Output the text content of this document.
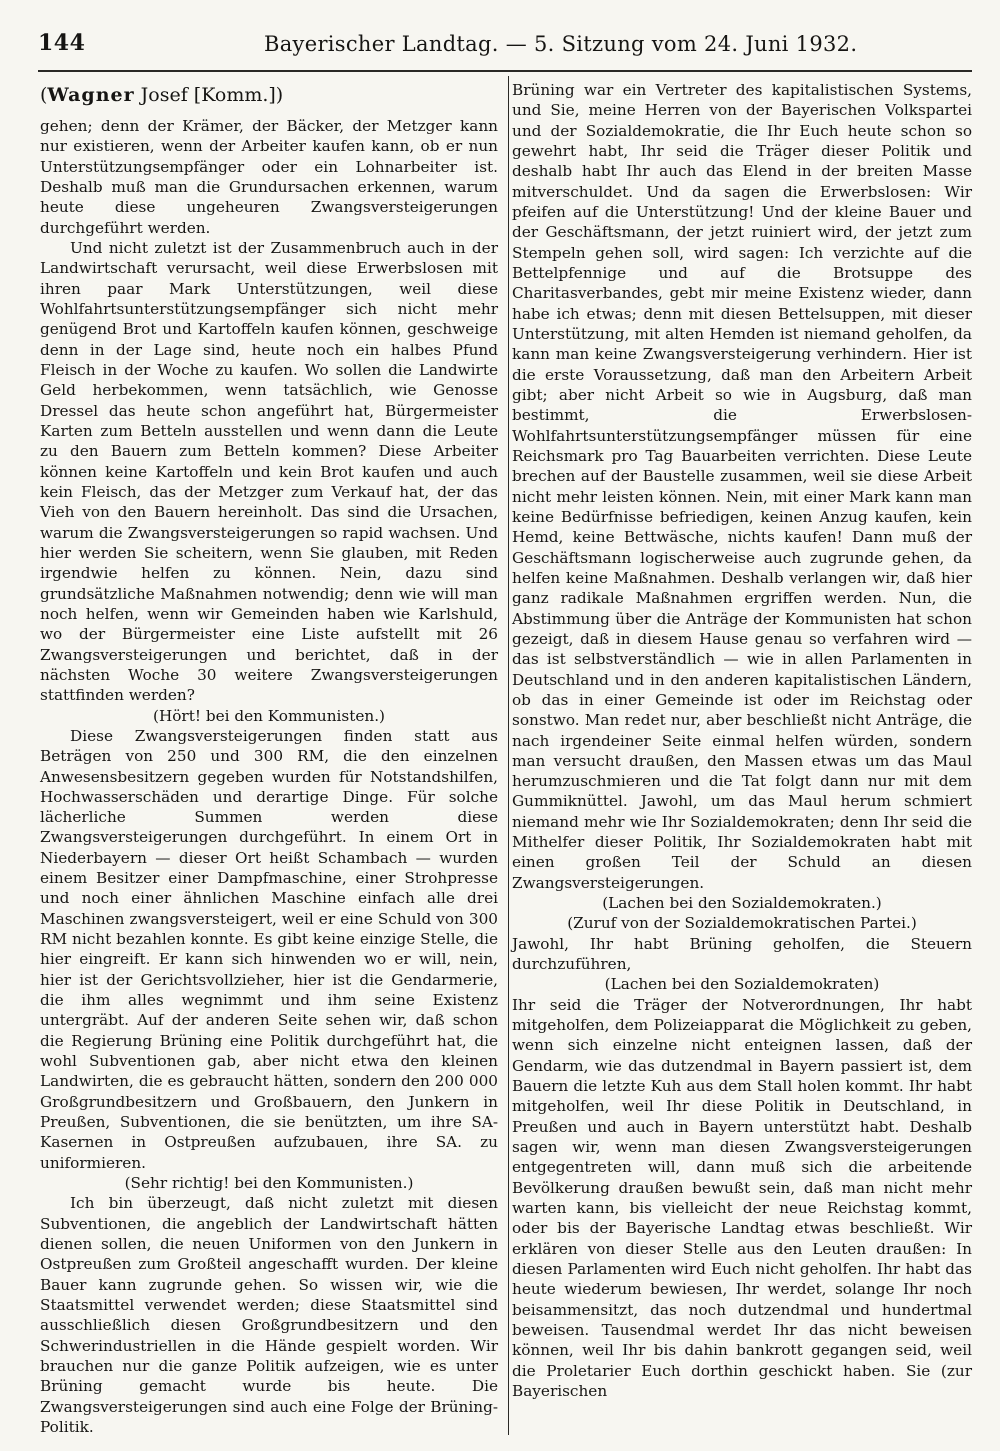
144	Bayerischer Landtag. — 5. Sitzung vom 24. Juni 1932.
(Wagner Josef [Komm.])

gehen; denn der Krämer, der Bäcker, der Metzger kann nur existieren, wenn der Arbeiter kaufen kann, ob er nun Unterstützungsempfänger oder ein Lohnarbeiter ist. Deshalb muß man die Grundursachen erkennen, warum heute diese ungeheuren Zwangsversteigerungen durchgeführt werden.

Und nicht zuletzt ist der Zusammenbruch auch in der Landwirtschaft verursacht, weil diese Erwerbslosen mit ihren paar Mark Unterstützungen, weil diese Wohlfahrtsunterstützungsempfänger sich nicht mehr genügend Brot und Kartoffeln kaufen können, geschweige denn in der Lage sind, heute noch ein halbes Pfund Fleisch in der Woche zu kaufen. Wo sollen die Landwirte Geld herbekommen, wenn tatsächlich, wie Genosse Dressel das heute schon angeführt hat, Bürgermeister Karten zum Betteln ausstellen und wenn dann die Leute zu den Bauern zum Betteln kommen? Diese Arbeiter können keine Kartoffeln und kein Brot kaufen und auch kein Fleisch, das der Metzger zum Verkauf hat, der das Vieh von den Bauern hereinholt. Das sind die Ursachen, warum die Zwangsversteigerungen so rapid wachsen. Und hier werden Sie scheitern, wenn Sie glauben, mit Reden irgendwie helfen zu können. Nein, dazu sind grundsätzliche Maßnahmen notwendig; denn wie will man noch helfen, wenn wir Gemeinden haben wie Karlshuld, wo der Bürgermeister eine Liste aufstellt mit 26 Zwangsversteigerungen und berichtet, daß in der nächsten Woche 30 weitere Zwangsversteigerungen stattfinden werden?

(Hört! bei den Kommunisten.)

Diese Zwangsversteigerungen finden statt aus Beträgen von 250 und 300 RM, die den einzelnen Anwesensbesitzern gegeben wurden für Notstandshilfen, Hochwasserschäden und derartige Dinge. Für solche lächerliche Summen werden diese Zwangsversteigerungen durchgeführt. In einem Ort in Niederbayern — dieser Ort heißt Schambach — wurden einem Besitzer einer Dampfmaschine, einer Strohpresse und noch einer ähnlichen Maschine einfach alle drei Maschinen zwangsversteigert, weil er eine Schuld von 300 RM nicht bezahlen konnte. Es gibt keine einzige Stelle, die hier eingreift. Er kann sich hinwenden wo er will, nein, hier ist der Gerichtsvollzieher, hier ist die Gendarmerie, die ihm alles wegnimmt und ihm seine Existenz untergräbt. Auf der anderen Seite sehen wir, daß schon die Regierung Brüning eine Politik durchgeführt hat, die wohl Subventionen gab, aber nicht etwa den kleinen Landwirten, die es gebraucht hätten, sondern den 200 000 Großgrundbesitzern und Großbauern, den Junkern in Preußen, Subventionen, die sie benützten, um ihre SA-Kasernen in Ostpreußen aufzubauen, ihre SA. zu uniformieren.

(Sehr richtig! bei den Kommunisten.)

Ich bin überzeugt, daß nicht zuletzt mit diesen Subventionen, die angeblich der Landwirtschaft hätten dienen sollen, die neuen Uniformen von den Junkern in Ostpreußen zum Großteil angeschafft wurden. Der kleine Bauer kann zugrunde gehen. So wissen wir, wie die Staatsmittel verwendet werden; diese Staatsmittel sind ausschließlich diesen Großgrundbesitzern und den Schwerindustriellen in die Hände gespielt worden. Wir brauchen nur die ganze Politik aufzeigen, wie es unter Brüning gemacht wurde bis heute. Die Zwangsversteigerungen sind auch eine Folge der Brüning-Politik.

Brüning war ein Vertreter des kapitalistischen Systems, und Sie, meine Herren von der Bayerischen Volkspartei und der Sozialdemokratie, die Ihr Euch heute schon so gewehrt habt, Ihr seid die Träger dieser Politik und deshalb habt Ihr auch das Elend in der breiten Masse mitverschuldet. Und da sagen die Erwerbslosen: Wir pfeifen auf die Unterstützung! Und der kleine Bauer und der Geschäftsmann, der jetzt ruiniert wird, der jetzt zum Stempeln gehen soll, wird sagen: Ich verzichte auf die Bettelpfennige und auf die Brotsuppe des Charitasverbandes, gebt mir meine Existenz wieder, dann habe ich etwas; denn mit diesen Bettelsuppen, mit dieser Unterstützung, mit alten Hemden ist niemand geholfen, da kann man keine Zwangsversteigerung verhindern. Hier ist die erste Voraussetzung, daß man den Arbeitern Arbeit gibt; aber nicht Arbeit so wie in Augsburg, daß man bestimmt, die Erwerbslosen-Wohlfahrtsunterstützungsempfänger müssen für eine Reichsmark pro Tag Bauarbeiten verrichten. Diese Leute brechen auf der Baustelle zusammen, weil sie diese Arbeit nicht mehr leisten können. Nein, mit einer Mark kann man keine Bedürfnisse befriedigen, keinen Anzug kaufen, kein Hemd, keine Bettwäsche, nichts kaufen! Dann muß der Geschäftsmann logischerweise auch zugrunde gehen, da helfen keine Maßnahmen. Deshalb verlangen wir, daß hier ganz radikale Maßnahmen ergriffen werden. Nun, die Abstimmung über die Anträge der Kommunisten hat schon gezeigt, daß in diesem Hause genau so verfahren wird — das ist selbstverständlich — wie in allen Parlamenten in Deutschland und in den anderen kapitalistischen Ländern, ob das in einer Gemeinde ist oder im Reichstag oder sonstwo. Man redet nur, aber beschließt nicht Anträge, die nach irgendeiner Seite einmal helfen würden, sondern man versucht draußen, den Massen etwas um das Maul herumzuschmieren und die Tat folgt dann nur mit dem Gummiknüttel. Jawohl, um das Maul herum schmiert niemand mehr wie Ihr Sozialdemokraten; denn Ihr seid die Mithelfer dieser Politik, Ihr Sozialdemokraten habt mit einen großen Teil der Schuld an diesen Zwangsversteigerungen.

(Lachen bei den Sozialdemokraten.)

(Zuruf von der Sozialdemokratischen Partei.)

Jawohl, Ihr habt Brüning geholfen, die Steuern durchzuführen,

(Lachen bei den Sozialdemokraten)

Ihr seid die Träger der Notverordnungen, Ihr habt mitgeholfen, dem Polizeiapparat die Möglichkeit zu geben, wenn sich einzelne nicht enteignen lassen, daß der Gendarm, wie das dutzendmal in Bayern passiert ist, dem Bauern die letzte Kuh aus dem Stall holen kommt. Ihr habt mitgeholfen, weil Ihr diese Politik in Deutschland, in Preußen und auch in Bayern unterstützt habt. Deshalb sagen wir, wenn man diesen Zwangsversteigerungen entgegentreten will, dann muß sich die arbeitende Bevölkerung draußen bewußt sein, daß man nicht mehr warten kann, bis vielleicht der neue Reichstag kommt, oder bis der Bayerische Landtag etwas beschließt. Wir erklären von dieser Stelle aus den Leuten draußen: In diesen Parlamenten wird Euch nicht geholfen. Ihr habt das heute wiederum bewiesen, Ihr werdet, solange Ihr noch beisammensitzt, das noch dutzendmal und hundertmal beweisen. Tausendmal werdet Ihr das nicht beweisen können, weil Ihr bis dahin bankrott gegangen seid, weil die Proletarier Euch dorthin geschickt haben. Sie (zur Bayerischen
